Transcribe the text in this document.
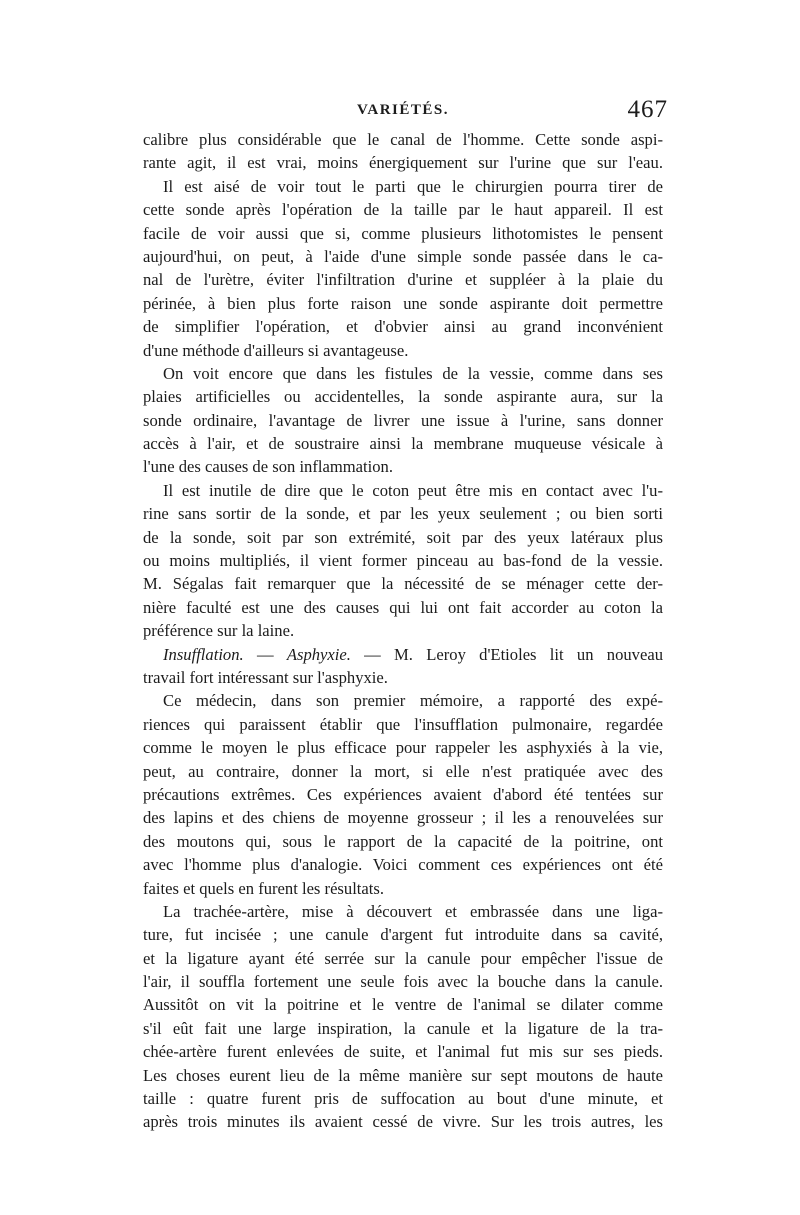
VARIÉTÉS.	467
calibre plus considérable que le canal de l'homme. Cette sonde aspi-
rante agit, il est vrai, moins énergiquement sur l'urine que sur l'eau.
Il est aisé de voir tout le parti que le chirurgien pourra tirer de
cette sonde après l'opération de la taille par le haut appareil. Il est
facile de voir aussi que si, comme plusieurs lithotomistes le pensent
aujourd'hui, on peut, à l'aide d'une simple sonde passée dans le ca-
nal de l'urètre, éviter l'infiltration d'urine et suppléer à la plaie du
périnée, à bien plus forte raison une sonde aspirante doit permettre
de simplifier l'opération, et d'obvier ainsi au grand inconvénient
d'une méthode d'ailleurs si avantageuse.
On voit encore que dans les fistules de la vessie, comme dans ses
plaies artificielles ou accidentelles, la sonde aspirante aura, sur la
sonde ordinaire, l'avantage de livrer une issue à l'urine, sans donner
accès à l'air, et de soustraire ainsi la membrane muqueuse vésicale à
l'une des causes de son inflammation.
Il est inutile de dire que le coton peut être mis en contact avec l'u-
rine sans sortir de la sonde, et par les yeux seulement ; ou bien sorti
de la sonde, soit par son extrémité, soit par des yeux latéraux plus
ou moins multipliés, il vient former pinceau au bas-fond de la vessie.
M. Ségalas fait remarquer que la nécessité de se ménager cette der-
nière faculté est une des causes qui lui ont fait accorder au coton la
préférence sur la laine.
Insufflation. — Asphyxie. — M. Leroy d'Etioles lit un nouveau
travail fort intéressant sur l'asphyxie.
Ce médecin, dans son premier mémoire, a rapporté des expé-
riences qui paraissent établir que l'insufflation pulmonaire, regardée
comme le moyen le plus efficace pour rappeler les asphyxiés à la vie,
peut, au contraire, donner la mort, si elle n'est pratiquée avec des
précautions extrêmes. Ces expériences avaient d'abord été tentées sur
des lapins et des chiens de moyenne grosseur ; il les a renouvelées sur
des moutons qui, sous le rapport de la capacité de la poitrine, ont
avec l'homme plus d'analogie. Voici comment ces expériences ont été
faites et quels en furent les résultats.
La trachée-artère, mise à découvert et embrassée dans une liga-
ture, fut incisée ; une canule d'argent fut introduite dans sa cavité,
et la ligature ayant été serrée sur la canule pour empêcher l'issue de
l'air, il souffla fortement une seule fois avec la bouche dans la canule.
Aussitôt on vit la poitrine et le ventre de l'animal se dilater comme
s'il eût fait une large inspiration, la canule et la ligature de la tra-
chée-artère furent enlevées de suite, et l'animal fut mis sur ses pieds.
Les choses eurent lieu de la même manière sur sept moutons de haute
taille : quatre furent pris de suffocation au bout d'une minute, et
après trois minutes ils avaient cessé de vivre. Sur les trois autres, les
